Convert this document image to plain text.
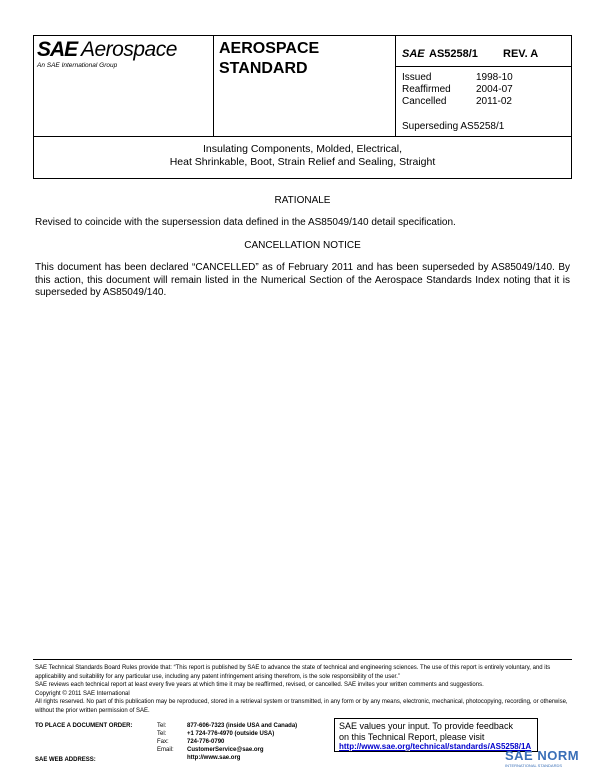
SAE Aerospace
An SAE International Group
AEROSPACE STANDARD
SAE AS5258/1 REV. A
Issued	1998-10
Reaffirmed	2004-07
Cancelled	2011-02
Superseding AS5258/1
Insulating Components, Molded, Electrical,
Heat Shrinkable, Boot, Strain Relief and Sealing, Straight
RATIONALE
Revised to coincide with the supersession data defined in the AS85049/140 detail specification.
CANCELLATION NOTICE
This document has been declared “CANCELLED” as of February 2011 and has been superseded by AS85049/140. By this action, this document will remain listed in the Numerical Section of the Aerospace Standards Index noting that it is superseded by AS85049/140.
SAE Technical Standards Board Rules provide that: “This report is published by SAE to advance the state of technical and engineering sciences. The use of this report is entirely voluntary, and its applicability and suitability for any particular use, including any patent infringement arising therefrom, is the sole responsibility of the user.”
SAE reviews each technical report at least every five years at which time it may be reaffirmed, revised, or cancelled. SAE invites your written comments and suggestions.
Copyright © 2011 SAE International
All rights reserved. No part of this publication may be reproduced, stored in a retrieval system or transmitted, in any form or by any means, electronic, mechanical, photocopying, recording, or otherwise, without the prior written permission of SAE.
TO PLACE A DOCUMENT ORDER:	Tel:	877-606-7323 (inside USA and Canada)
Tel:	+1 724-776-4970 (outside USA)
Fax:	724-776-0790
Email:	CustomerService@sae.org
http://www.sae.org
SAE WEB ADDRESS:
SAE values your input. To provide feedback
on this Technical Report, please visit
http://www.sae.org/technical/standards/AS5258/1A
SAE NORM
INTERNATIONAL STANDARDS
